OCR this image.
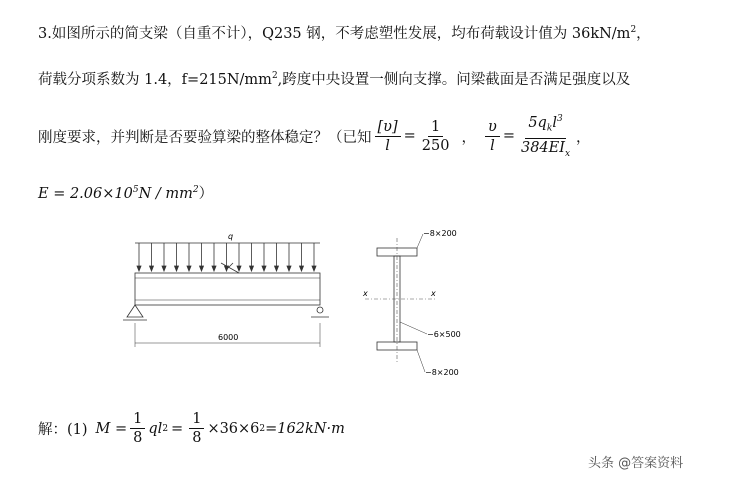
3.如图所示的简支梁（自重不计），Q235 钢，不考虑塑性发展，均布荷载设计值为 $36kN/m^2$，
荷载分项系数为 1.4，$f=215N/mm^2$,跨度中央设置一侧向支撑。问梁截面是否满足强度以及
刚度要求，并判断是否要验算梁的整体稳定？（已知 $\frac{[\upsilon]}{l} = \frac{1}{250}$ ， $\frac{\upsilon}{l} = \frac{5q_kl^3}{384EI_x}$ ，
$E = 2.06\times 10^5N / mm^2$）
q
6000
x	x
−8×200
−6×500
−8×200
解：(1) $M = \frac{1}{8}$ ql $2 = \frac{1}{8} \times 36\times 6$ 2 =162kN·m
头条 @答案资料
